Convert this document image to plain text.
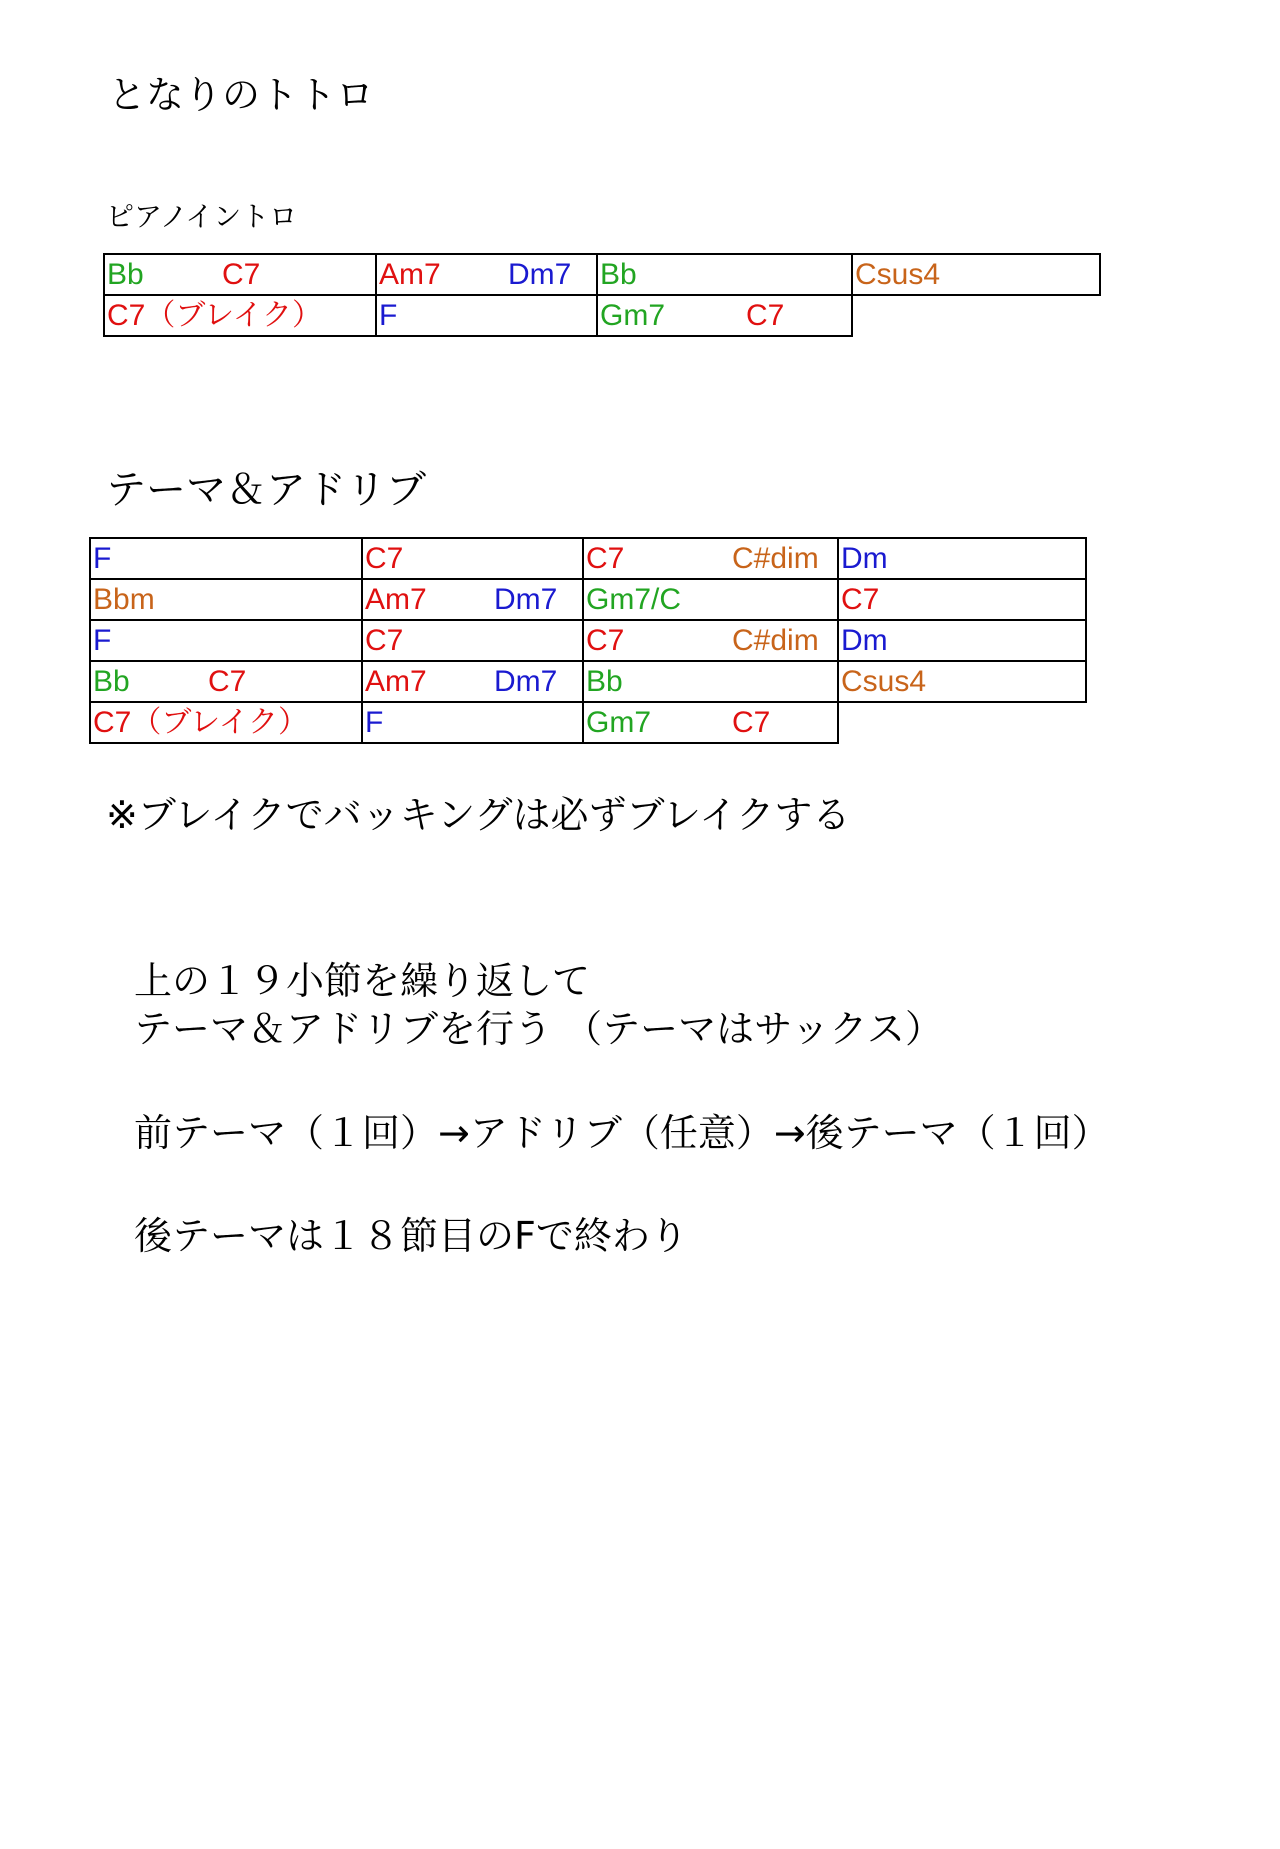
となりのトトロ
ピアノイントロ
Bb C7	Am7 Dm7	Bb	Csus4

C7（ブレイク）	F	Gm7 C7	

テーマ＆アドリブ
F	C7	C7 C#dim	Dm

Bbm	Am7 Dm7	Gm7/C	C7

F	C7	C7 C#dim	Dm

Bb C7	Am7 Dm7	Bb	Csus4

C7（ブレイク）	F	Gm7 C7	

※ブレイクでバッキングは必ずブレイクする
上の１９小節を繰り返して
テーマ＆アドリブを行う （テーマはサックス）
前テーマ（１回）→アドリブ（任意）→後テーマ（１回）
後テーマは１８節目のFで終わり
